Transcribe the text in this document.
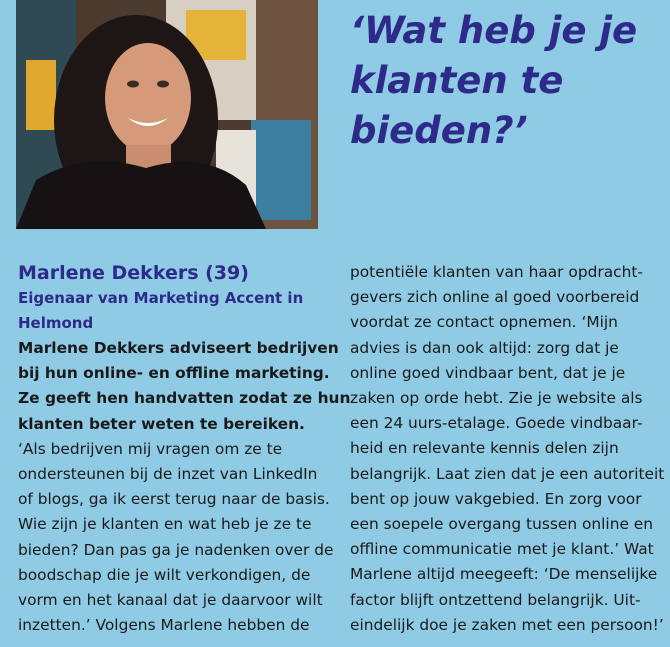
‘Wat heb je je klanten te bieden?’

Marlene Dekkers (39)

Eigenaar van Marketing Accent in
Helmond

Marlene Dekkers adviseert bedrijven
bij hun online- en offline marketing.
Ze geeft hen handvatten zodat ze hun
klanten beter weten te bereiken.

‘Als bedrijven mij vragen om ze te
ondersteunen bij de inzet van LinkedIn
of blogs, ga ik eerst terug naar de basis.
Wie zijn je klanten en wat heb je ze te
bieden? Dan pas ga je nadenken over de
boodschap die je wilt verkondigen, de
vorm en het kanaal dat je daarvoor wilt
inzetten.’ Volgens Marlene hebben de

potentiële klanten van haar opdracht-
gevers zich online al goed voorbereid
voordat ze contact opnemen. ‘Mijn
advies is dan ook altijd: zorg dat je
online goed vindbaar bent, dat je je
zaken op orde hebt. Zie je website als
een 24 uurs-etalage. Goede vindbaar-
heid en relevante kennis delen zijn
belangrijk. Laat zien dat je een autoriteit
bent op jouw vakgebied. En zorg voor
een soepele overgang tussen online en
offline communicatie met je klant.’ Wat
Marlene altijd meegeeft: ‘De menselijke
factor blijft ontzettend belangrijk. Uit-
eindelijk doe je zaken met een persoon!’
